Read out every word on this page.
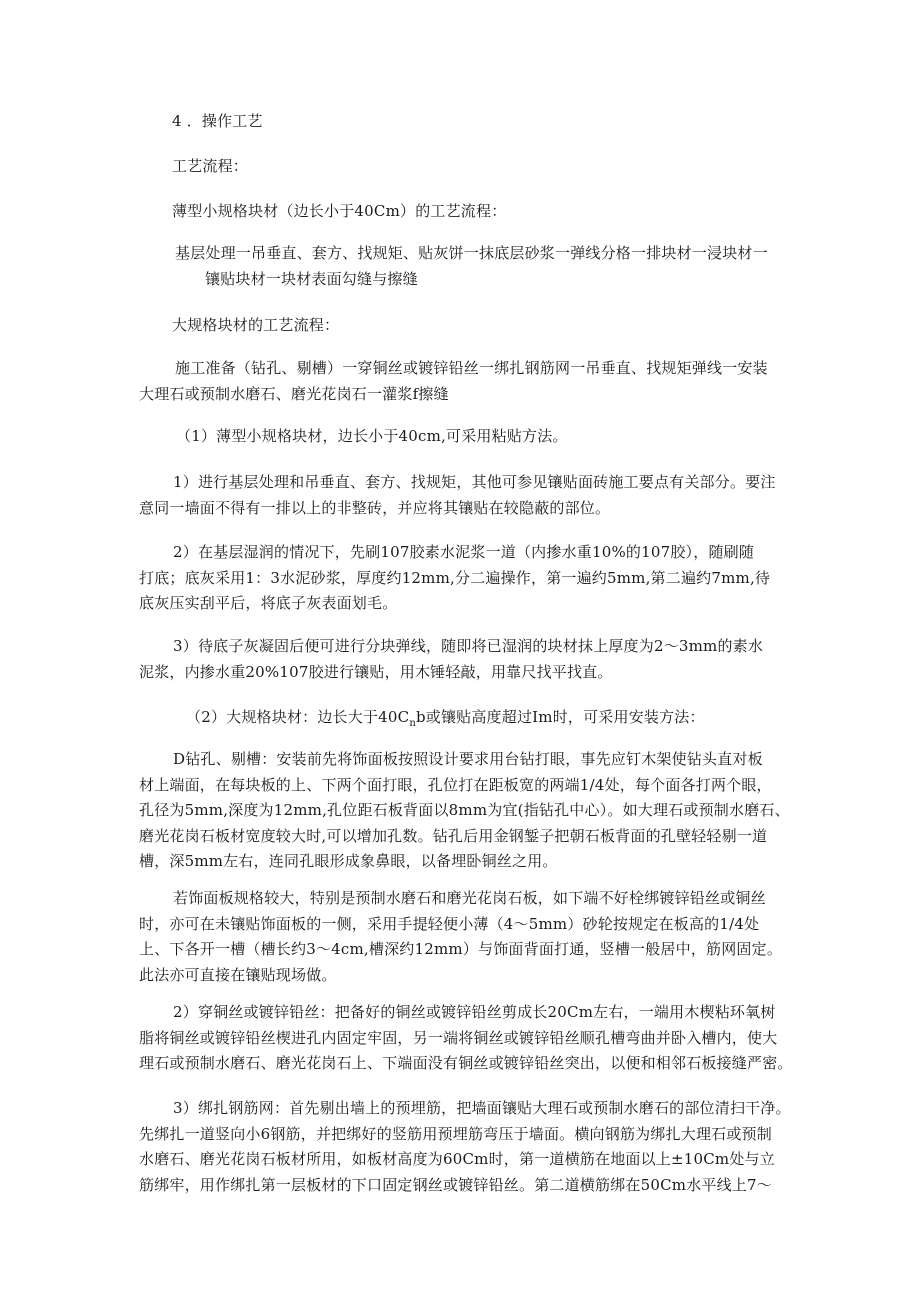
4 ．操作工艺

工艺流程：

薄型小规格块材（边长小于40Cm）的工艺流程：

基层处理一吊垂直、套方、找规矩、贴灰饼一抹底层砂浆一弹线分格一排块材一浸块材一
镶贴块材一块材表面勾缝与擦缝

大规格块材的工艺流程：

施工准备（钻孔、剔槽）一穿铜丝或镀锌铅丝一绑扎钢筋网一吊垂直、找规矩弹线一安装
大理石或预制水磨石、磨光花岗石一灌浆f擦缝

（1）薄型小规格块材，边长小于40cm,可采用粘贴方法。

1）进行基层处理和吊垂直、套方、找规矩，其他可参见镶贴面砖施工要点有关部分。要注
意同一墙面不得有一排以上的非整砖，并应将其镶贴在较隐蔽的部位。
2）在基层湿润的情况下，先刷107胶素水泥浆一道（内掺水重10%的107胶），随刷随
打底；底灰采用1：3水泥砂浆，厚度约12mm,分二遍操作，第一遍约5mm,第二遍约7mm,待
底灰压实刮平后，将底子灰表面划毛。
3）待底子灰凝固后便可进行分块弹线，随即将已湿润的块材抹上厚度为2～3mm的素水
泥浆，内掺水重20%107胶进行镶贴，用木锤轻敲，用靠尺找平找直。

（2）大规格块材：边长大于$40C_nb$或镶贴高度超过Im时，可采用安装方法：

D钻孔、剔槽：安装前先将饰面板按照设计要求用台钻打眼，事先应钉木架使钻头直对板
材上端面，在每块板的上、下两个面打眼，孔位打在距板宽的两端1/4处，每个面各打两个眼，
孔径为5mm,深度为12mm,孔位距石板背面以8mm为宜(指钻孔中心）。如大理石或预制水磨石、
磨光花岗石板材宽度较大时,可以增加孔数。钻孔后用金钢錾子把朝石板背面的孔壁轻轻剔一道
槽，深5mm左右，连同孔眼形成象鼻眼，以备埋卧铜丝之用。
若饰面板规格较大，特别是预制水磨石和磨光花岗石板，如下端不好栓绑镀锌铅丝或铜丝
时，亦可在未镶贴饰面板的一侧，采用手提轻便小薄（4～5mm）砂轮按规定在板高的1/4处
上、下各开一槽（槽长约3～4cm,槽深约12mm）与饰面背面打通，竖槽一般居中，筋网固定。
此法亦可直接在镶贴现场做。
2）穿铜丝或镀锌铅丝：把备好的铜丝或镀锌铅丝剪成长20Cm左右，一端用木楔粘环氧树
脂将铜丝或镀锌铅丝楔进孔内固定牢固，另一端将铜丝或镀锌铅丝顺孔槽弯曲并卧入槽内，使大
理石或预制水磨石、磨光花岗石上、下端面没有铜丝或镀锌铅丝突出，以便和相邻石板接缝严密。
3）绑扎钢筋网：首先剔出墙上的预埋筋，把墙面镶贴大理石或预制水磨石的部位清扫干净。
先绑扎一道竖向小6钢筋，并把绑好的竖筋用预埋筋弯压于墙面。横向钢筋为绑扎大理石或预制
水磨石、磨光花岗石板材所用，如板材高度为60Cm时，第一道横筋在地面以上±10Cm处与立
筋绑牢，用作绑扎第一层板材的下口固定钢丝或镀锌铅丝。第二道横筋绑在50Cm水平线上7～
